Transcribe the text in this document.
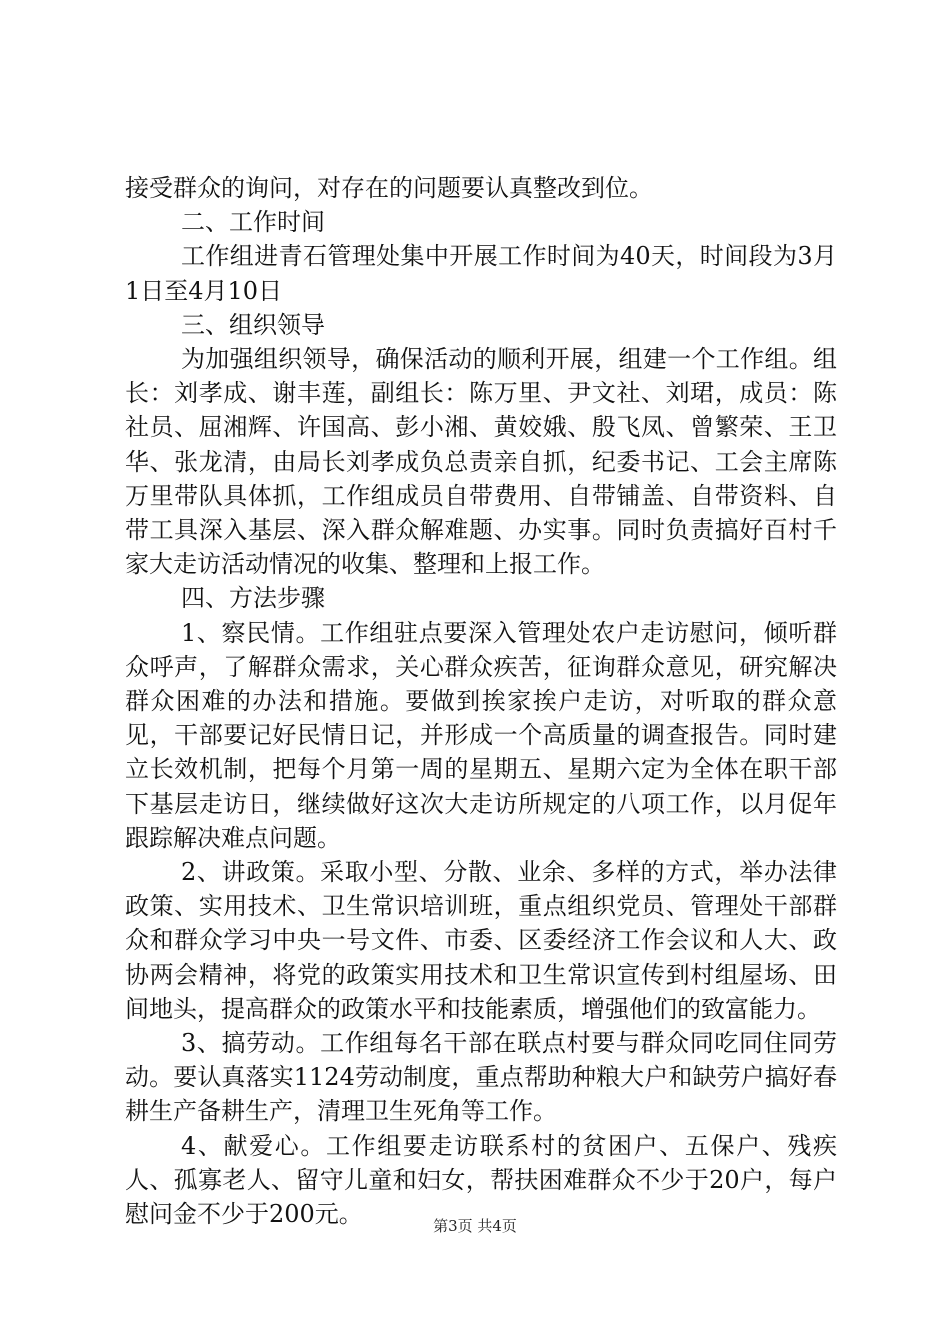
接受群众的询问，对存在的问题要认真整改到位。

二、工作时间

工作组进青石管理处集中开展工作时间为40天，时间段为3月1日至4月10日

三、组织领导

为加强组织领导，确保活动的顺利开展，组建一个工作组。组长：刘孝成、谢丰莲，副组长：陈万里、尹文社、刘珺，成员：陈社员、屈湘辉、许国高、彭小湘、黄姣娥、殷飞凤、曾繁荣、王卫华、张龙清，由局长刘孝成负总责亲自抓，纪委书记、工会主席陈万里带队具体抓，工作组成员自带费用、自带铺盖、自带资料、自带工具深入基层、深入群众解难题、办实事。同时负责搞好百村千家大走访活动情况的收集、整理和上报工作。

四、方法步骤

1、察民情。工作组驻点要深入管理处农户走访慰问，倾听群众呼声，了解群众需求，关心群众疾苦，征询群众意见，研究解决群众困难的办法和措施。要做到挨家挨户走访，对听取的群众意见，干部要记好民情日记，并形成一个高质量的调查报告。同时建立长效机制，把每个月第一周的星期五、星期六定为全体在职干部下基层走访日，继续做好这次大走访所规定的八项工作，以月促年跟踪解决难点问题。

2、讲政策。采取小型、分散、业余、多样的方式，举办法律政策、实用技术、卫生常识培训班，重点组织党员、管理处干部群众和群众学习中央一号文件、市委、区委经济工作会议和人大、政协两会精神，将党的政策实用技术和卫生常识宣传到村组屋场、田间地头，提高群众的政策水平和技能素质，增强他们的致富能力。

3、搞劳动。工作组每名干部在联点村要与群众同吃同住同劳动。要认真落实1124劳动制度，重点帮助种粮大户和缺劳户搞好春耕生产备耕生产，清理卫生死角等工作。

4、献爱心。工作组要走访联系村的贫困户、五保户、残疾人、孤寡老人、留守儿童和妇女，帮扶困难群众不少于20户，每户慰问金不少于200元。	第3页 共4页
